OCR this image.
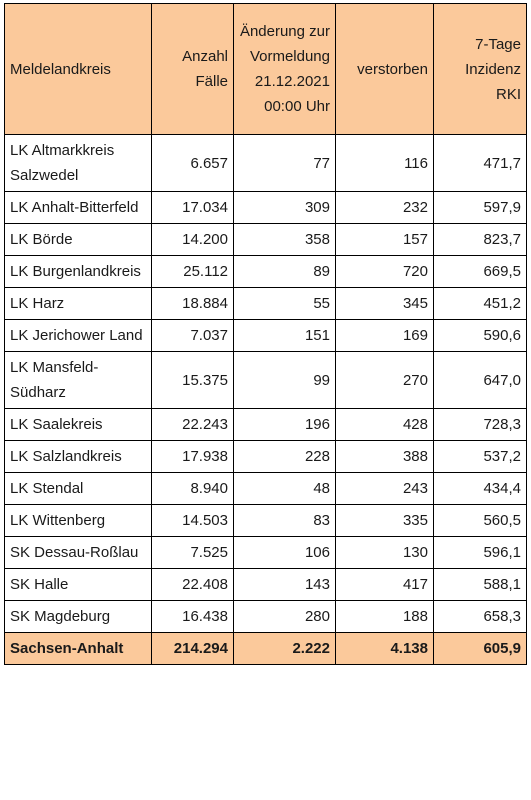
Meldelandkreis	Anzahl Fälle	Änderung zur Vormeldung 21.12.2021 00:00 Uhr	verstorben	7-Tage Inzidenz RKI
LK Altmarkkreis Salzwedel	6.657	77	116	471,7
LK Anhalt-Bitterfeld	17.034	309	232	597,9
LK Börde	14.200	358	157	823,7
LK Burgenlandkreis	25.112	89	720	669,5
LK Harz	18.884	55	345	451,2
LK Jerichower Land	7.037	151	169	590,6
LK Mansfeld-Südharz	15.375	99	270	647,0
LK Saalekreis	22.243	196	428	728,3
LK Salzlandkreis	17.938	228	388	537,2
LK Stendal	8.940	48	243	434,4
LK Wittenberg	14.503	83	335	560,5
SK Dessau-Roßlau	7.525	106	130	596,1
SK Halle	22.408	143	417	588,1
SK Magdeburg	16.438	280	188	658,3
Sachsen-Anhalt	214.294	2.222	4.138	605,9
